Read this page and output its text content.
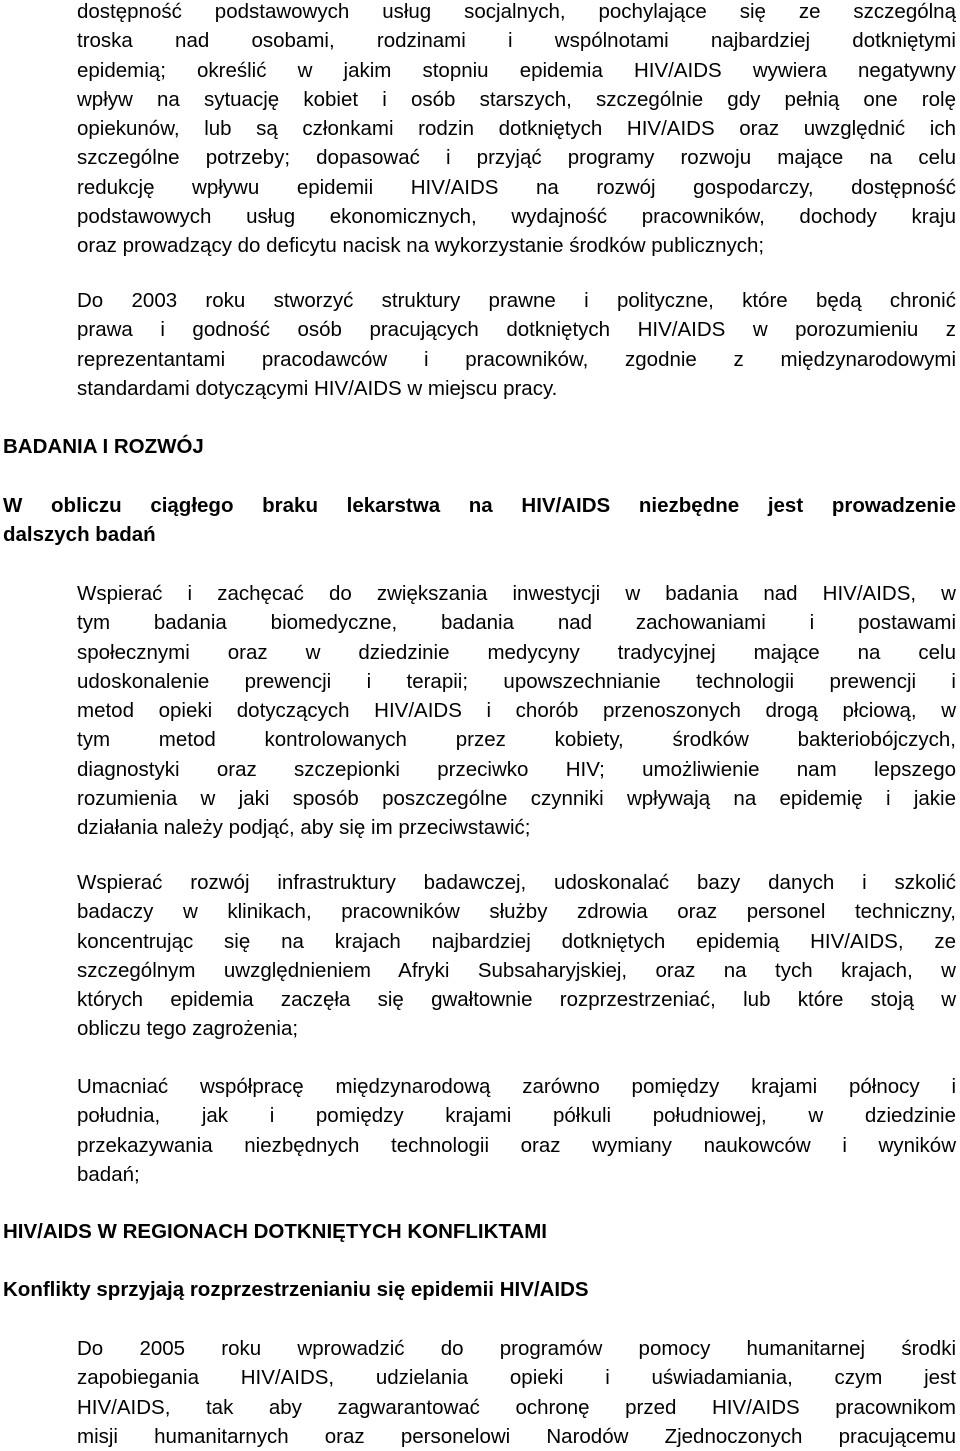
dostępność podstawowych usług socjalnych, pochylające się ze szczególną
troska nad osobami, rodzinami i wspólnotami najbardziej dotkniętymi
epidemią; określić w jakim stopniu epidemia HIV/AIDS wywiera negatywny
wpływ na sytuację kobiet i osób starszych, szczególnie gdy pełnią one rolę
opiekunów, lub są członkami rodzin dotkniętych HIV/AIDS oraz uwzględnić ich
szczególne potrzeby; dopasować i przyjąć programy rozwoju mające na celu
redukcję wpływu epidemii HIV/AIDS na rozwój gospodarczy, dostępność
podstawowych usług ekonomicznych, wydajność pracowników, dochody kraju
oraz prowadzący do deficytu nacisk na wykorzystanie środków publicznych;
Do 2003 roku stworzyć struktury prawne i polityczne, które będą chronić
prawa i godność osób pracujących dotkniętych HIV/AIDS w porozumieniu z
reprezentantami pracodawców i pracowników, zgodnie z międzynarodowymi
standardami dotyczącymi HIV/AIDS w miejscu pracy.
BADANIA I ROZWÓJ
W obliczu ciągłego braku lekarstwa na HIV/AIDS niezbędne jest prowadzenie
dalszych badań
Wspierać i zachęcać do zwiększania inwestycji w badania nad HIV/AIDS, w
tym badania biomedyczne, badania nad zachowaniami i postawami
społecznymi oraz w dziedzinie medycyny tradycyjnej mające na celu
udoskonalenie prewencji i terapii; upowszechnianie technologii prewencji i
metod opieki dotyczących HIV/AIDS i chorób przenoszonych drogą płciową, w
tym metod kontrolowanych przez kobiety, środków bakteriobójczych,
diagnostyki oraz szczepionki przeciwko HIV; umożliwienie nam lepszego
rozumienia w jaki sposób poszczególne czynniki wpływają na epidemię i jakie
działania należy podjąć, aby się im przeciwstawić;
Wspierać rozwój infrastruktury badawczej, udoskonalać bazy danych i szkolić
badaczy w klinikach, pracowników służby zdrowia oraz personel techniczny,
koncentrując się na krajach najbardziej dotkniętych epidemią HIV/AIDS, ze
szczególnym uwzględnieniem Afryki Subsaharyjskiej, oraz na tych krajach, w
których epidemia zaczęła się gwałtownie rozprzestrzeniać, lub które stoją w
obliczu tego zagrożenia;
Umacniać współpracę międzynarodową zarówno pomiędzy krajami północy i
południa, jak i pomiędzy krajami półkuli południowej, w dziedzinie
przekazywania niezbędnych technologii oraz wymiany naukowców i wyników
badań;
HIV/AIDS W REGIONACH DOTKNIĘTYCH KONFLIKTAMI
Konflikty sprzyjają rozprzestrzenianiu się epidemii HIV/AIDS
Do 2005 roku wprowadzić do programów pomocy humanitarnej środki
zapobiegania HIV/AIDS, udzielania opieki i uświadamiania, czym jest
HIV/AIDS, tak aby zagwarantować ochronę przed HIV/AIDS pracownikom
misji humanitarnych oraz personelowi Narodów Zjednoczonych pracującemu
